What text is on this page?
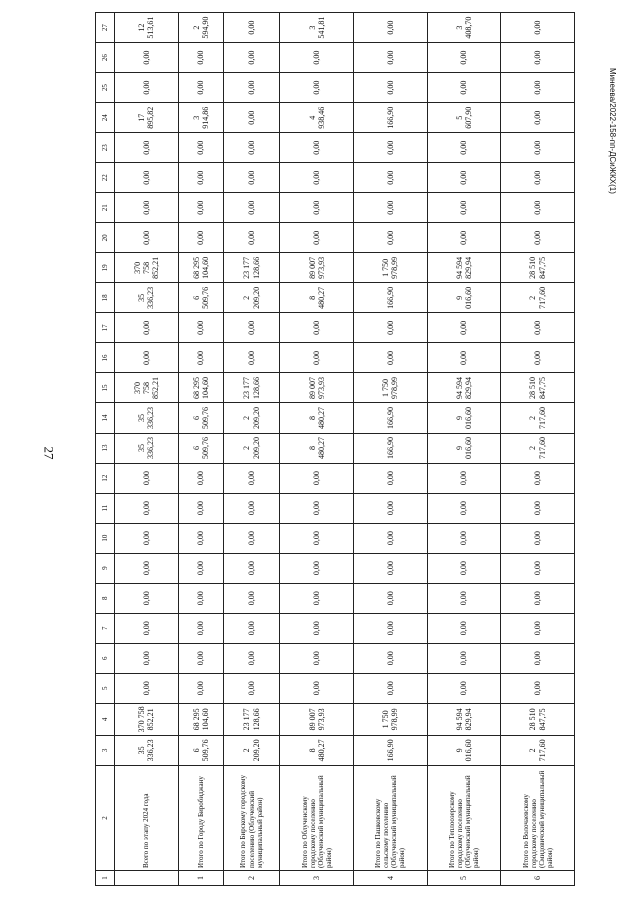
27
Минеева/2022-158-пп-ДСиЖКХ(1)
1	2	3	4	5	6	7	8	9	10	11	12	13	14	15	16	17	18	19	20	21	22	23	24	25	26	27
	Всего по этапу 2024 года	35 336,23	370 758 852,21	0,00	0,00	0,00	0,00	0,00	0,00	0,00	0,00	35 336,23	35 336,23	370 758 852,21	0,00	0,00	35 336,23	370 758 852,21	0,00	0,00	0,00	0,00	17 895,82	0,00	0,00	12 513,61
1	Итого по Городу Биробиджану	6 509,76	68 295 104,60	0,00	0,00	0,00	0,00	0,00	0,00	0,00	0,00	6 509,76	6 509,76	68 295 104,60	0,00	0,00	6 509,76	68 295 104,60	0,00	0,00	0,00	0,00	3 914,86	0,00	0,00	2 594,90
2	Итого по Бирскому городскому поселению (Облученский муниципальный район)	2 209,20	23 177 128,66	0,00	0,00	0,00	0,00	0,00	0,00	0,00	0,00	2 209,20	2 209,20	23 177 128,66	0,00	0,00	2 209,20	23 177 128,66	0,00	0,00	0,00	0,00	0,00	0,00	0,00	0,00
3	Итого по Облученскому городскому поселению (Облученский муниципальный район)	8 480,27	89 007 973,93	0,00	0,00	0,00	0,00	0,00	0,00	0,00	0,00	8 480,27	8 480,27	89 007 973,93	0,00	0,00	8 480,27	89 007 973,93	0,00	0,00	0,00	0,00	4 938,46	0,00	0,00	3 541,81
4	Итого по Пашковскому сельскому поселению (Облученский муниципальный район)	166,90	1 750 978,99	0,00	0,00	0,00	0,00	0,00	0,00	0,00	0,00	166,90	166,90	1 750 978,99	0,00	0,00	166,90	1 750 978,99	0,00	0,00	0,00	0,00	166,90	0,00	0,00	0,00
5	Итого по Теплоозерскому городскому поселению (Облученский муниципальный район)	9 016,60	94 594 829,94	0,00	0,00	0,00	0,00	0,00	0,00	0,00	0,00	9 016,60	9 016,60	94 594 829,94	0,00	0,00	9 016,60	94 594 829,94	0,00	0,00	0,00	0,00	5 607,90	0,00	0,00	3 408,70
6	Итого по Волочаевскому городскому поселению (Смидовичский муниципальный район)	2 717,60	28 510 847,75	0,00	0,00	0,00	0,00	0,00	0,00	0,00	0,00	2 717,60	2 717,60	28 510 847,75	0,00	0,00	2 717,60	28 510 847,75	0,00	0,00	0,00	0,00	0,00	0,00	0,00	0,00
